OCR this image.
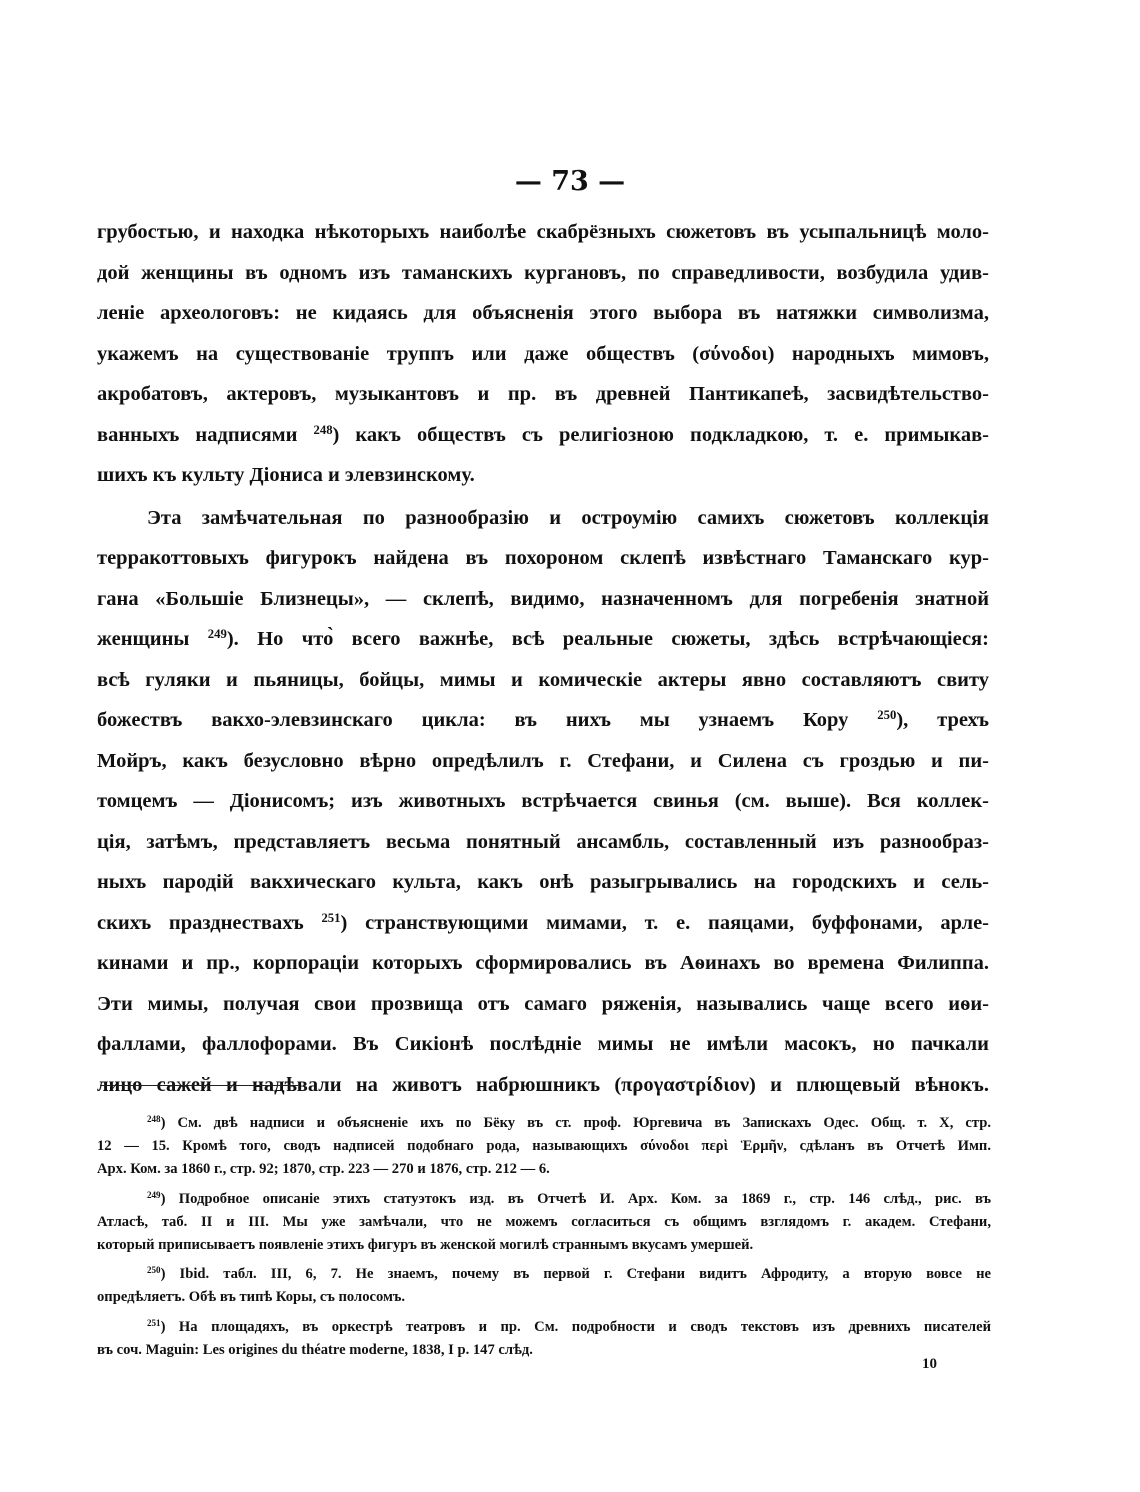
— 73 —
грубостью, и находка нѣкоторыхъ наиболѣе скабрёзныхъ сюжетовъ въ усыпальницѣ моло-
дой женщины въ одномъ изъ таманскихъ кургановъ, по справедливости, возбудила удив-
леніе археологовъ: не кидаясь для объясненія этого выбора въ натяжки символизма,
укажемъ на существованіе труппъ или даже обществъ (σύνοδοι) народныхъ мимовъ,
акробатовъ, актеровъ, музыкантовъ и пр. въ древней Пантикапеѣ, засвидѣтельство-
ванныхъ надписями $^{248}$) какъ обществъ съ религіозною подкладкою, т. е. примыкав-
шихъ къ культу Діониса и элевзинскому.
Эта замѣчательная по разнообразію и остроумію самихъ сюжетовъ коллекція
терракоттовыхъ фигурокъ найдена въ похороном склепѣ извѣстнаго Таманскаго кур-
гана «Большіе Близнецы», — склепѣ, видимо, назначенномъ для погребенія знатной
женщины $^{249}$). Но что̀ всего важнѣе, всѣ реальные сюжеты, здѣсь встрѣчающіеся:
всѣ гуляки и пьяницы, бойцы, мимы и комическіе актеры явно составляютъ свиту
божествъ вакхо-элевзинскаго цикла: въ нихъ мы узнаемъ Кору $^{250}$), трехъ
Мойръ, какъ безусловно вѣрно опредѣлилъ г. Стефани, и Силена съ гроздью и пи-
томцемъ — Діонисомъ; изъ животныхъ встрѣчается свинья (см. выше). Вся коллек-
ція, затѣмъ, представляетъ весьма понятный ансамбль, составленный изъ разнообраз-
ныхъ пародій вакхическаго культа, какъ онѣ разыгрывались на городскихъ и сель-
скихъ празднествахъ $^{251}$) странствующими мимами, т. е. паяцами, буффонами, арле-
кинами и пр., корпораціи которыхъ сформировались въ Аѳинахъ во времена Филиппа.
Эти мимы, получая свои прозвища отъ самаго ряженія, назывались чаще всего иѳи-
фаллами, фаллофорами. Въ Сикіонѣ послѣдніе мимы не имѣли масокъ, но пачкали
лицо сажей и надѣвали на животъ набрюшникъ (προγαστρίδιον) и плющевый вѣнокъ.
$^{248}$) См. двѣ надписи и объясненіе ихъ по Бёку въ ст. проф. Юргевича въ Запискахъ Одес. Общ. т. X, стр.
12 — 15. Кромѣ того, сводъ надписей подобнаго рода, называющихъ σύνοδοι περὶ Ἑρμῆν, сдѣланъ въ Отчетѣ Имп.
Арх. Ком. за 1860 г., стр. 92; 1870, стр. 223 — 270 и 1876, стр. 212 — 6.
$^{249}$) Подробное описаніе этихъ статуэтокъ изд. въ Отчетѣ И. Арх. Ком. за 1869 г., стр. 146 слѣд., рис. въ
Атласѣ, таб. II и III. Мы уже замѣчали, что не можемъ согласиться съ общимъ взглядомъ г. академ. Стефани,
который приписываетъ появленіе этихъ фигуръ въ женской могилѣ страннымъ вкусамъ умершей.
$^{250}$) Ibid. табл. III, 6, 7. Не знаемъ, почему въ первой г. Стефани видитъ Афродиту, а вторую вовсе не
опредѣляетъ. Обѣ въ типѣ Коры, съ полосомъ.
$^{251}$) На площадяхъ, въ оркестрѣ театровъ и пр. См. подробности и сводъ текстовъ изъ древнихъ писателей
въ соч. Maguin: Les origines du théatre moderne, 1838, I p. 147 слѣд.
10
